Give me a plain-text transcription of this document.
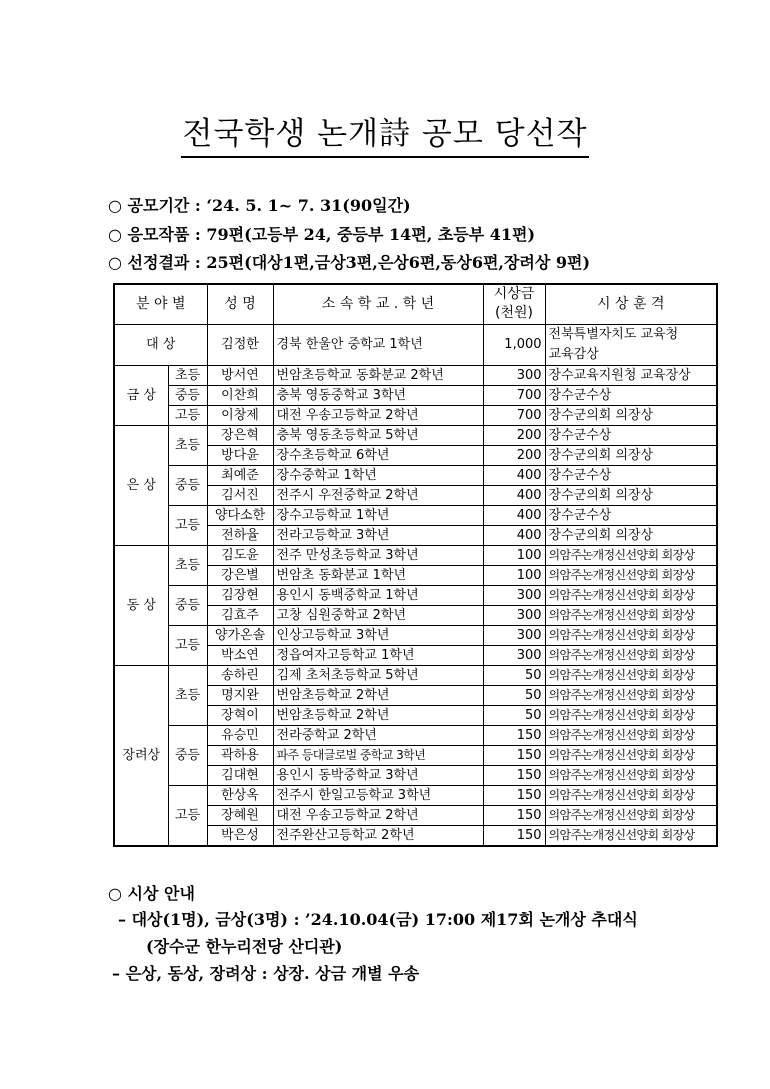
전국학생 논개詩 공모 당선작
○ 공모기간 : ‘24. 5. 1~ 7. 31(90일간)
○ 응모작품 : 79편(고등부 24, 중등부 14편, 초등부 41편)
○ 선정결과 : 25편(대상1편,금상3편,은상6편,동상6편,장려상 9편)
분 야 별		성 명	소 속 학 교 . 학 년	시상금
(천원)	시 상 훈 격
대 상		김정한	경북 한울안 중학교 1학년	1,000	전북특별자치도 교육청
교육감상
금 상	초등	방서연	번암초등학교 동화분교 2학년	300	장수교육지원청 교육장상
	중등	이찬희	충북 영동중학교 3학년	700	장수군수상
	고등	이창제	대전 우송고등학교 2학년	700	장수군의회 의장상
은 상	초등	장은혁	충북 영동초등학교 5학년	200	장수군수상
		방다윤	장수초등학교 6학년	200	장수군의회 의장상
	중등	최예준	장수중학교 1학년	400	장수군수상
		김서진	전주시 우전중학교 2학년	400	장수군의회 의장상
	고등	양다소한	장수고등학교 1학년	400	장수군수상
		전하율	전라고등학교 3학년	400	장수군의회 의장상
동 상	초등	김도윤	전주 만성초등학교 3학년	100	의암주논개정신선양회 회장상
		강은별	번암초 동화분교 1학년	100	의암주논개정신선양회 회장상
	중등	김장현	용인시 동백중학교 1학년	300	의암주논개정신선양회 회장상
		김효주	고창 심원중학교 2학년	300	의암주논개정신선양회 회장상
	고등	양가온솔	인상고등학교 3학년	300	의암주논개정신선양회 회장상
		박소연	정읍여자고등학교 1학년	300	의암주논개정신선양회 회장상
장려상	초등	송하린	김제 초처초등학교 5학년	50	의암주논개정신선양회 회장상
		명지완	번암초등학교 2학년	50	의암주논개정신선양회 회장상
		장혁이	번암초등학교 2학년	50	의암주논개정신선양회 회장상
	중등	유승민	전라중학교 2학년	150	의암주논개정신선양회 회장상
		곽하용	파주 등대글로벌 중학교 3학년	150	의암주논개정신선양회 회장상
		김대현	용인시 동박중학교 3학년	150	의암주논개정신선양회 회장상
	고등	한상옥	전주시 한일고등학교 3학년	150	의암주논개정신선양회 회장상
		장혜원	대전 우송고등학교 2학년	150	의암주논개정신선양회 회장상
		박은성	전주완산고등학교 2학년	150	의암주논개정신선양회 회장상
○ 시상 안내
– 대상(1명), 금상(3명) : ’24.10.04(금) 17:00 제17회 논개상 추대식
(장수군 한누리전당 산디관)
– 은상, 동상, 장려상 : 상장. 상금 개별 우송
